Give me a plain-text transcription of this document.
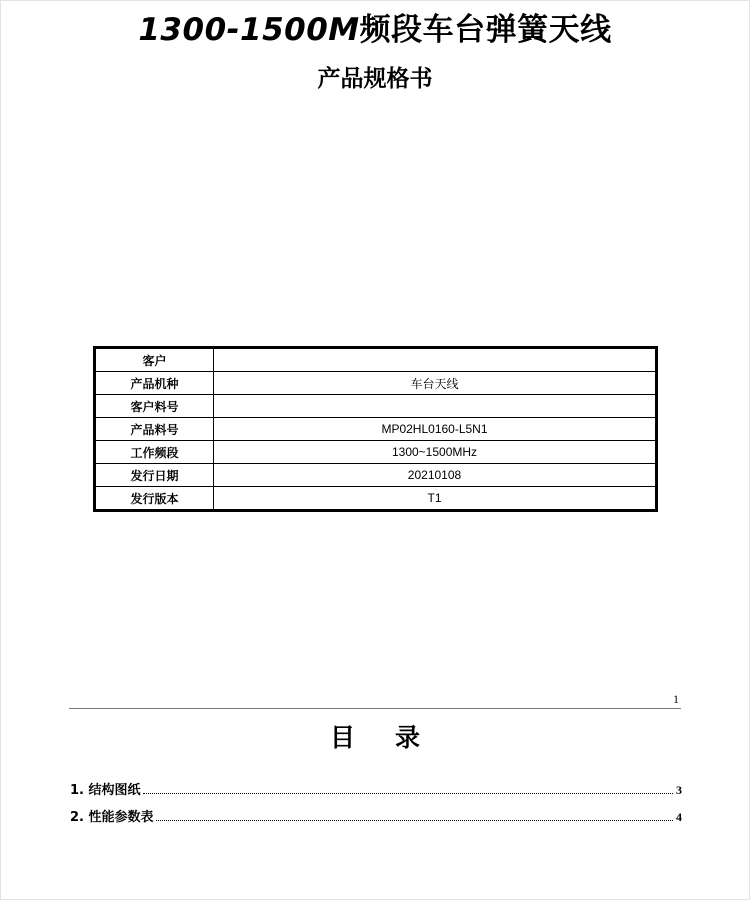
1300-1500M频段车台弹簧天线
产品规格书
客户	
产品机种	车台天线
客户料号	
产品料号	MP02HL0160-L5N1
工作频段	1300~1500MHz
发行日期	20210108
发行版本	T1
1
目 录
1. 结构图纸	3
2. 性能参数表	4
